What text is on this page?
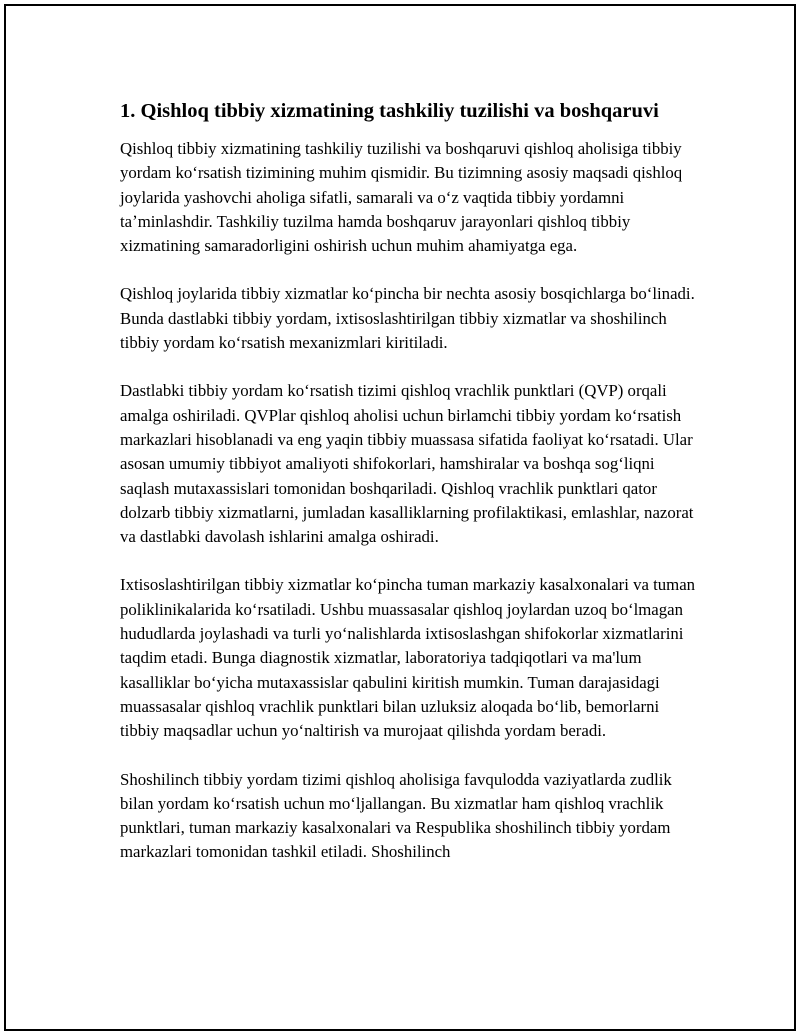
1. Qishloq tibbiy xizmatining tashkiliy tuzilishi va boshqaruvi

Qishloq tibbiy xizmatining tashkiliy tuzilishi va boshqaruvi qishloq aholisiga tibbiy yordam koʻrsatish tizimining muhim qismidir. Bu tizimning asosiy maqsadi qishloq joylarida yashovchi aholiga sifatli, samarali va oʻz vaqtida tibbiy yordamni taʼminlashdir. Tashkiliy tuzilma hamda boshqaruv jarayonlari qishloq tibbiy xizmatining samaradorligini oshirish uchun muhim ahamiyatga ega.

Qishloq joylarida tibbiy xizmatlar koʻpincha bir nechta asosiy bosqichlarga boʻlinadi. Bunda dastlabki tibbiy yordam, ixtisoslashtirilgan tibbiy xizmatlar va shoshilinch tibbiy yordam koʻrsatish mexanizmlari kiritiladi.

Dastlabki tibbiy yordam koʻrsatish tizimi qishloq vrachlik punktlari (QVP) orqali amalga oshiriladi. QVPlar qishloq aholisi uchun birlamchi tibbiy yordam koʻrsatish markazlari hisoblanadi va eng yaqin tibbiy muassasa sifatida faoliyat koʻrsatadi. Ular asosan umumiy tibbiyot amaliyoti shifokorlari, hamshiralar va boshqa sogʻliqni saqlash mutaxassislari tomonidan boshqariladi. Qishloq vrachlik punktlari qator dolzarb tibbiy xizmatlarni, jumladan kasalliklarning profilaktikasi, emlashlar, nazorat va dastlabki davolash ishlarini amalga oshiradi.

Ixtisoslashtirilgan tibbiy xizmatlar koʻpincha tuman markaziy kasalxonalari va tuman poliklinikalarida koʻrsatiladi. Ushbu muassasalar qishloq joylardan uzoq boʻlmagan hududlarda joylashadi va turli yoʻnalishlarda ixtisoslashgan shifokorlar xizmatlarini taqdim etadi. Bunga diagnostik xizmatlar, laboratoriya tadqiqotlari va ma'lum kasalliklar boʻyicha mutaxassislar qabulini kiritish mumkin. Tuman darajasidagi muassasalar qishloq vrachlik punktlari bilan uzluksiz aloqada boʻlib, bemorlarni tibbiy maqsadlar uchun yoʻnaltirish va murojaat qilishda yordam beradi.

Shoshilinch tibbiy yordam tizimi qishloq aholisiga favqulodda vaziyatlarda zudlik bilan yordam koʻrsatish uchun moʻljallangan. Bu xizmatlar ham qishloq vrachlik punktlari, tuman markaziy kasalxonalari va Respublika shoshilinch tibbiy yordam markazlari tomonidan tashkil etiladi. Shoshilinch
